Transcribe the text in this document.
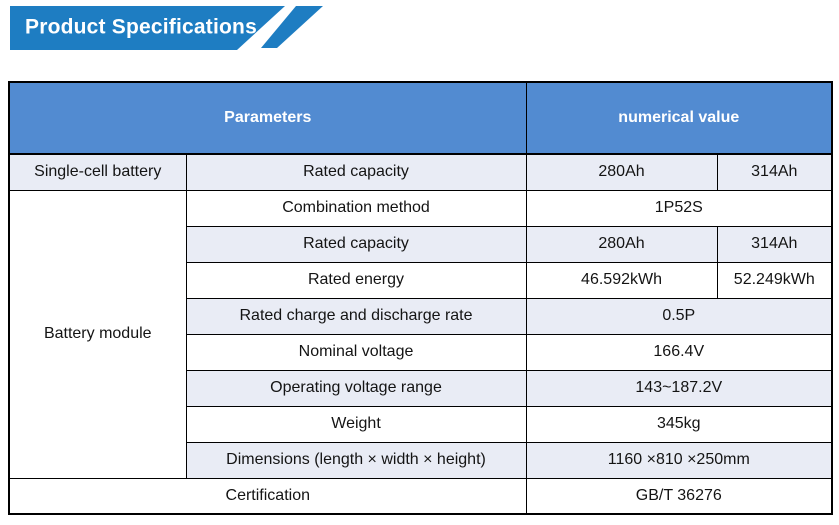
Product Specifications
Parameters		numerical value	
Single-cell battery	Rated capacity	280Ah	314Ah
Battery module	Combination method	1P52S	
	Rated capacity	280Ah	314Ah
	Rated energy	46.592kWh	52.249kWh
	Rated charge and discharge rate	0.5P	
	Nominal voltage	166.4V	
	Operating voltage range	143~187.2V	
	Weight	345kg	
	Dimensions (length × width × height)	1160 ×810 ×250mm	
Certification		GB/T 36276	
